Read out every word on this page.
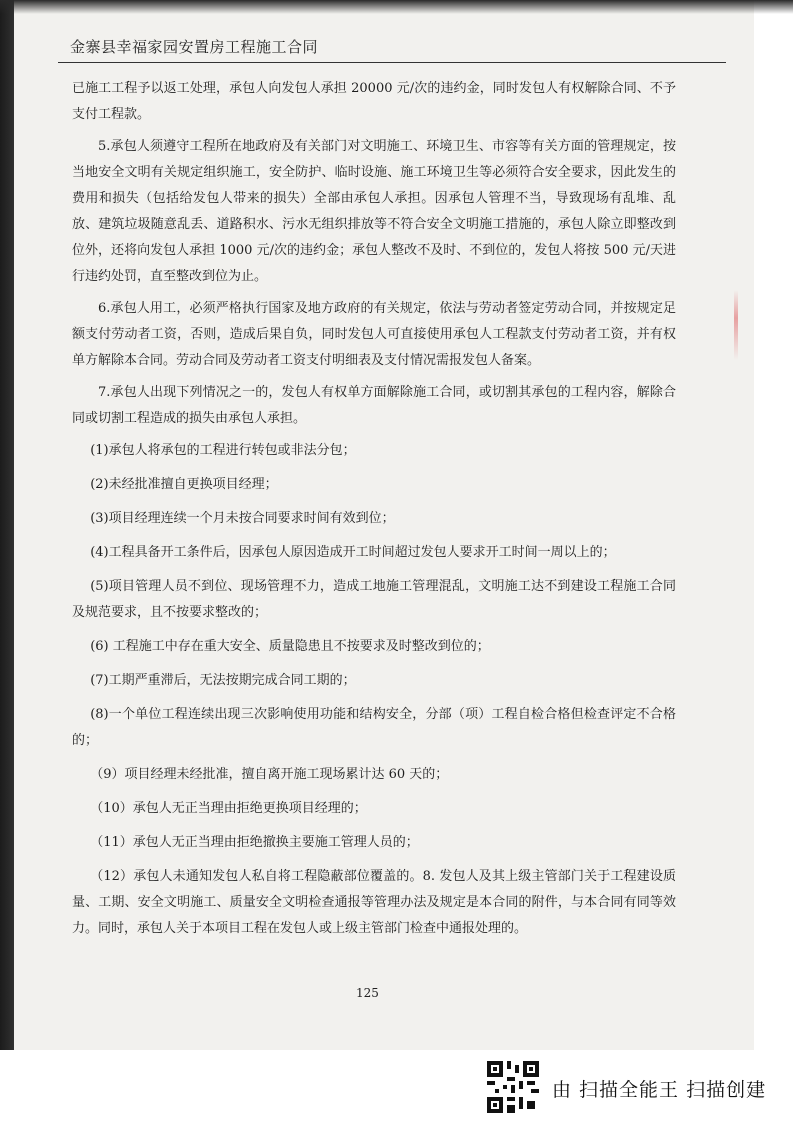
金寨县幸福家园安置房工程施工合同

已施工工程予以返工处理，承包人向发包人承担 20000 元/次的违约金，同时发包人有权解除合同、不予支付工程款。

5.承包人须遵守工程所在地政府及有关部门对文明施工、环境卫生、市容等有关方面的管理规定，按当地安全文明有关规定组织施工，安全防护、临时设施、施工环境卫生等必须符合安全要求，因此发生的费用和损失（包括给发包人带来的损失）全部由承包人承担。因承包人管理不当，导致现场有乱堆、乱放、建筑垃圾随意乱丢、道路积水、污水无组织排放等不符合安全文明施工措施的，承包人除立即整改到位外，还将向发包人承担 1000 元/次的违约金；承包人整改不及时、不到位的，发包人将按 500 元/天进行违约处罚，直至整改到位为止。

6.承包人用工，必须严格执行国家及地方政府的有关规定，依法与劳动者签定劳动合同，并按规定足额支付劳动者工资，否则，造成后果自负，同时发包人可直接使用承包人工程款支付劳动者工资，并有权单方解除本合同。劳动合同及劳动者工资支付明细表及支付情况需报发包人备案。

7.承包人出现下列情况之一的，发包人有权单方面解除施工合同，或切割其承包的工程内容，解除合同或切割工程造成的损失由承包人承担。

(1)承包人将承包的工程进行转包或非法分包；

(2)未经批准擅自更换项目经理；

(3)项目经理连续一个月未按合同要求时间有效到位；

(4)工程具备开工条件后，因承包人原因造成开工时间超过发包人要求开工时间一周以上的；

(5)项目管理人员不到位、现场管理不力，造成工地施工管理混乱，文明施工达不到建设工程施工合同及规范要求，且不按要求整改的；

(6) 工程施工中存在重大安全、质量隐患且不按要求及时整改到位的；

(7)工期严重滞后，无法按期完成合同工期的；

(8)一个单位工程连续出现三次影响使用功能和结构安全，分部（项）工程自检合格但检查评定不合格的；

（9）项目经理未经批准，擅自离开施工现场累计达 60 天的；

（10）承包人无正当理由拒绝更换项目经理的；

（11）承包人无正当理由拒绝撤换主要施工管理人员的；

（12）承包人未通知发包人私自将工程隐蔽部位覆盖的。8. 发包人及其上级主管部门关于工程建设质量、工期、安全文明施工、质量安全文明检查通报等管理办法及规定是本合同的附件，与本合同有同等效力。同时，承包人关于本项目工程在发包人或上级主管部门检查中通报处理的。

125
由 扫描全能王 扫描创建
